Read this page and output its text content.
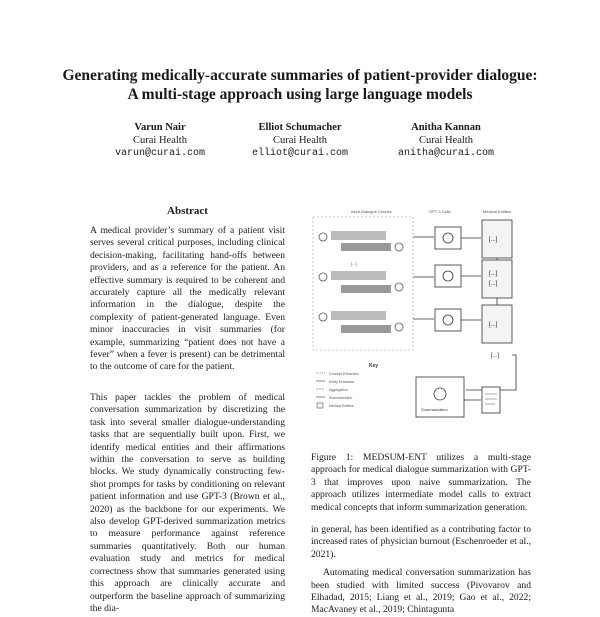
Generating medically-accurate summaries of patient-provider dialogue:
A multi-stage approach using large language models
Varun Nair
Curai Health
varun@curai.com
Elliot Schumacher
Curai Health
elliot@curai.com
Anitha Kannan
Curai Health
anitha@curai.com
Abstract
A medical provider’s summary of a patient visit serves several critical purposes, including clinical decision-making, facilitating hand-offs between providers, and as a reference for the patient. An effective summary is required to be coherent and accurately capture all the medically relevant information in the dialogue, despite the complexity of patient-generated language. Even minor inaccuracies in visit summaries (for example, summarizing “patient does not have a fever” when a fever is present) can be detrimental to the outcome of care for the patient.
This paper tackles the problem of medical conversation summarization by discretizing the task into several smaller dialogue-understanding tasks that are sequentially built upon. First, we identify medical entities and their affirmations within the conversation to serve as building blocks. We study dynamically constructing few-shot prompts for tasks by conditioning on relevant patient information and use GPT-3 (Brown et al., 2020) as the backbone for our experiments. We also develop GPT-derived summarization metrics to measure performance against reference summaries quantitatively. Both our human evaluation study and metrics for medical correctness show that summaries generated using this approach are clinically accurate and outperform the baseline approach of summarizing the dia-
Input Dialogue Chunks	GPT-3 Calls	Medical Entities
[...]
[...]
[...]
[...]
[...]
[...]
Key
Concept Extraction
Entity Extraction
Aggregation
Summarization
Medical Entities
Summarization
Figure 1: MEDSUM-ENT utilizes a multi-stage approach for medical dialogue summarization with GPT-3 that improves upon naive summarization. The approach utilizes intermediate model calls to extract medical concepts that inform summarization generation.

in general, has been identified as a contributing factor to increased rates of physician burnout (Eschenroeder et al., 2021).

Automating medical conversation summarization has been studied with limited success (Pivovarov and Elhadad, 2015; Liang et al., 2019; Gao et al., 2022; MacAvaney et al., 2019; Chintagunta
